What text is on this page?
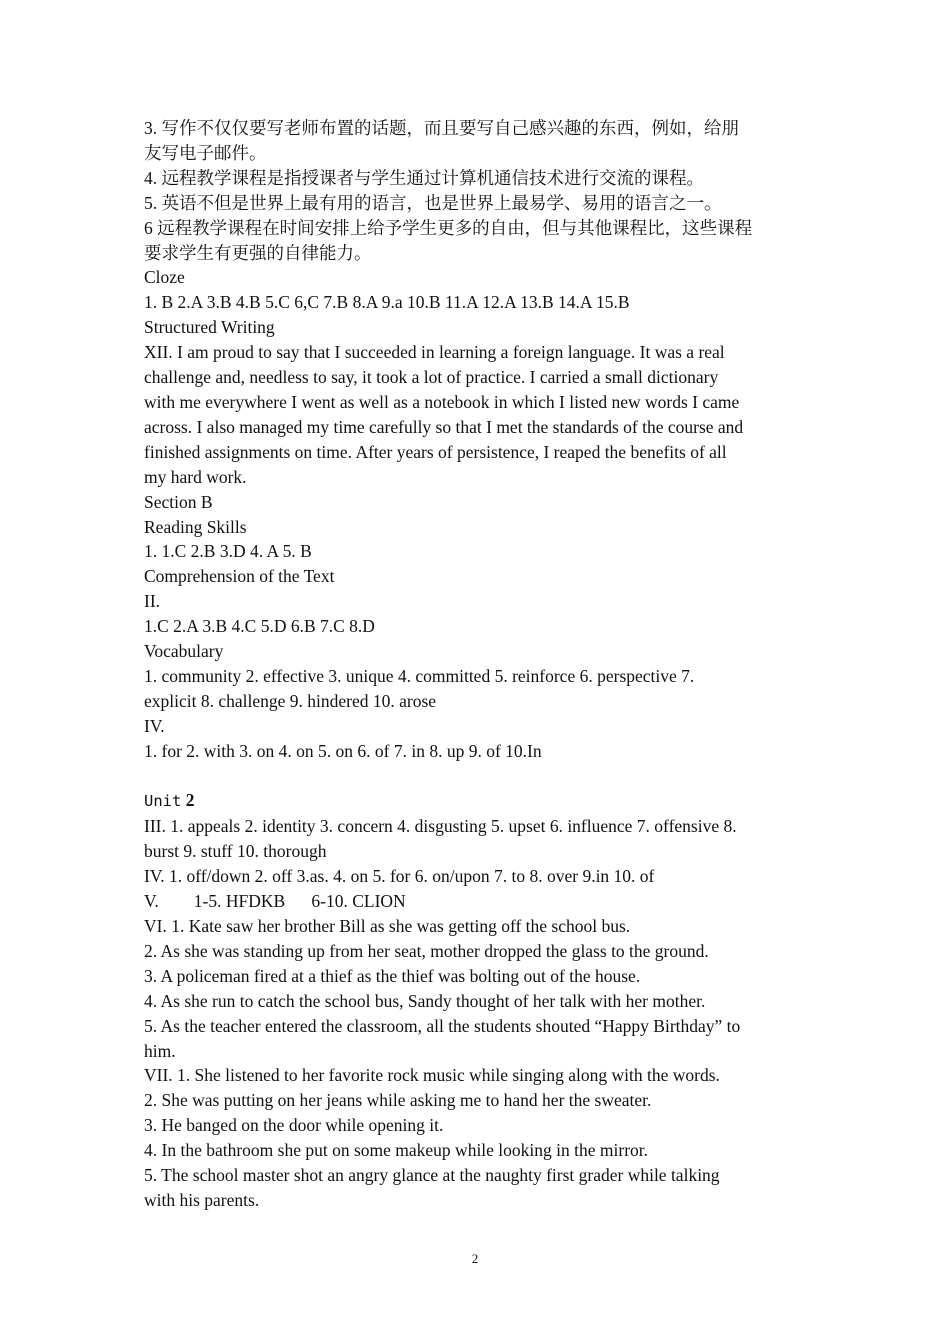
3. 写作不仅仅要写老师布置的话题，而且要写自己感兴趣的东西，例如，给朋

友写电子邮件。

4. 远程教学课程是指授课者与学生通过计算机通信技术进行交流的课程。

5. 英语不但是世界上最有用的语言，也是世界上最易学、易用的语言之一。

6 远程教学课程在时间安排上给予学生更多的自由，但与其他课程比，这些课程

要求学生有更强的自律能力。

Cloze

1. B 2.A 3.B 4.B 5.C 6,C 7.B 8.A 9.a 10.B 11.A 12.A 13.B 14.A 15.B

Structured Writing

XII. I am proud to say that I succeeded in learning a foreign language. It was a real

challenge and, needless to say, it took a lot of practice. I carried a small dictionary

with me everywhere I went as well as a notebook in which I listed new words I came

across. I also managed my time carefully so that I met the standards of the course and

finished assignments on time. After years of persistence, I reaped the benefits of all

my hard work.

Section B

Reading Skills

1. 1.C 2.B 3.D 4. A 5. B

Comprehension of the Text

II.

1.C 2.A 3.B 4.C 5.D 6.B 7.C 8.D

Vocabulary

1. community 2. effective 3. unique 4. committed 5. reinforce 6. perspective 7.

explicit 8. challenge 9. hindered 10. arose

IV.

1. for 2. with 3. on 4. on 5. on 6. of 7. in 8. up 9. of 10.In

Unit 2

III. 1. appeals 2. identity 3. concern 4. disgusting 5. upset 6. influence 7. offensive 8.

burst 9. stuff 10. thorough

IV. 1. off/down 2. off 3.as. 4. on 5. for 6. on/upon 7. to 8. over 9.in 10. of

V.        1-5. HFDKB      6-10. CLION

VI. 1. Kate saw her brother Bill as she was getting off the school bus.

2. As she was standing up from her seat, mother dropped the glass to the ground.

3. A policeman fired at a thief as the thief was bolting out of the house.

4. As she run to catch the school bus, Sandy thought of her talk with her mother.

5. As the teacher entered the classroom, all the students shouted “Happy Birthday” to

him.

VII. 1. She listened to her favorite rock music while singing along with the words.

2. She was putting on her jeans while asking me to hand her the sweater.

3. He banged on the door while opening it.

4. In the bathroom she put on some makeup while looking in the mirror.

5. The school master shot an angry glance at the naughty first grader while talking

with his parents.

2
